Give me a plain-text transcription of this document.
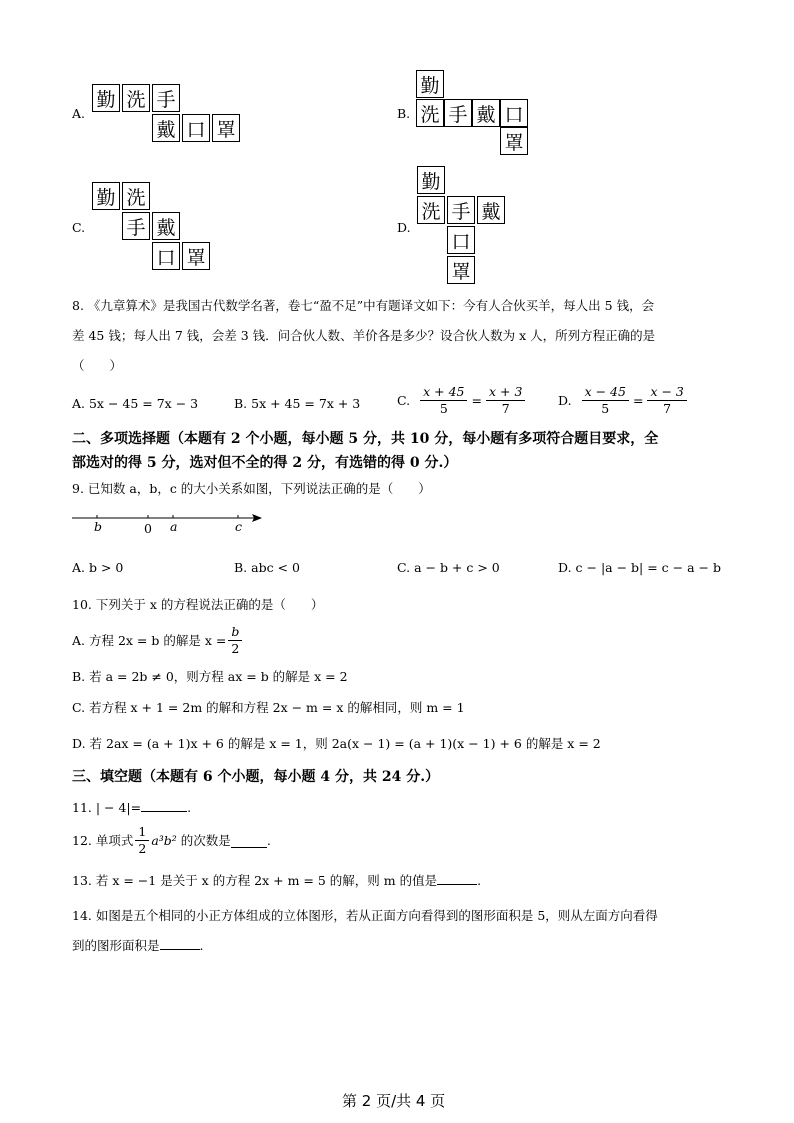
A.
勤 洗 手
戴 口 罩
B.
勤
洗 手 戴 口
罩
C.
勤 洗
手 戴
口 罩
D.
勤
洗 手 戴
口
罩
8. 《九章算术》是我国古代数学名著，卷七“盈不足”中有题译文如下：今有人合伙买羊，每人出 5 钱，会
差 45 钱；每人出 7 钱，会差 3 钱．问合伙人数、羊价各是多少？设合伙人数为 x 人，所列方程正确的是
（　　）
A. 5x − 45 = 7x − 3	B. 5x + 45 = 7x + 3	C. $\frac{x + 45}{5} = \frac{x + 3}{7}$	D. $\frac{x - 45}{5} = \frac{x - 3}{7}$
二、多项选择题（本题有 2 个小题，每小题 5 分，共 10 分，每小题有多项符合题目要求，全
部选对的得 5 分，选对但不全的得 2 分，有选错的得 0 分.）
9. 已知数 a，b，c 的大小关系如图，下列说法正确的是（　　）
b	0 a	c
A. b > 0	B. abc < 0	C. a − b + c > 0	D. c − |a − b| = c − a − b
10. 下列关于 x 的方程说法正确的是（　　）
A. 方程 2x = b 的解是 $x = \frac{b}{2}$
B. 若 a = 2b ≠ 0，则方程 ax = b 的解是 x = 2
C. 若方程 x + 1 = 2m 的解和方程 2x − m = x 的解相同，则 m = 1
D. 若 2ax = (a + 1)x + 6 的解是 x = 1，则 2a(x − 1) = (a + 1)(x − 1) + 6 的解是 x = 2
三、填空题（本题有 6 个小题，每小题 4 分，共 24 分.）
11. | − 4|=	.
12. 单项式 $\frac{1}{2} a^3b^2$ 的次数是	.
13. 若 x = −1 是关于 x 的方程 2x + m = 5 的解，则 m 的值是	.
14. 如图是五个相同的小正方体组成的立体图形，若从正面方向看得到的图形面积是 5，则从左面方向看得
到的图形面积是	.
第 2 页/共 4 页
